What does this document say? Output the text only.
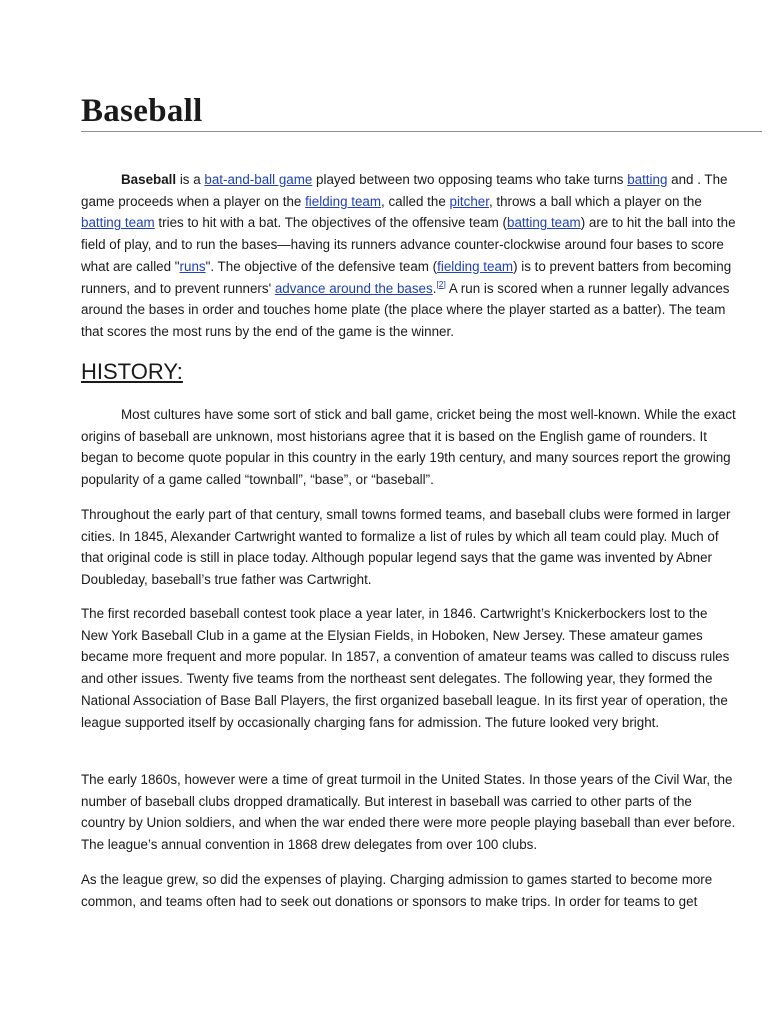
Baseball

Baseball is a bat-and-ball game played between two opposing teams who take turns batting and . The game proceeds when a player on the fielding team, called the pitcher, throws a ball which a player on the batting team tries to hit with a bat. The objectives of the offensive team (batting team) are to hit the ball into the field of play, and to run the bases—having its runners advance counter-clockwise around four bases to score what are called "runs". The objective of the defensive team (fielding team) is to prevent batters from becoming runners, and to prevent runners' advance around the bases.[2] A run is scored when a runner legally advances around the bases in order and touches home plate (the place where the player started as a batter). The team that scores the most runs by the end of the game is the winner.

HISTORY:

Most cultures have some sort of stick and ball game, cricket being the most well-known. While the exact origins of baseball are unknown, most historians agree that it is based on the English game of rounders. It began to become quote popular in this country in the early 19th century, and many sources report the growing popularity of a game called “townball”, “base”, or “baseball”.

Throughout the early part of that century, small towns formed teams, and baseball clubs were formed in larger cities. In 1845, Alexander Cartwright wanted to formalize a list of rules by which all team could play. Much of that original code is still in place today. Although popular legend says that the game was invented by Abner Doubleday, baseball’s true father was Cartwright.

The first recorded baseball contest took place a year later, in 1846. Cartwright’s Knickerbockers lost to the New York Baseball Club in a game at the Elysian Fields, in Hoboken, New Jersey. These amateur games became more frequent and more popular. In 1857, a convention of amateur teams was called to discuss rules and other issues. Twenty five teams from the northeast sent delegates. The following year, they formed the National Association of Base Ball Players, the first organized baseball league. In its first year of operation, the league supported itself by occasionally charging fans for admission. The future looked very bright.

The early 1860s, however were a time of great turmoil in the United States. In those years of the Civil War, the number of baseball clubs dropped dramatically. But interest in baseball was carried to other parts of the country by Union soldiers, and when the war ended there were more people playing baseball than ever before. The league’s annual convention in 1868 drew delegates from over 100 clubs.

As the league grew, so did the expenses of playing. Charging admission to games started to become more common, and teams often had to seek out donations or sponsors to make trips. In order for teams to get
